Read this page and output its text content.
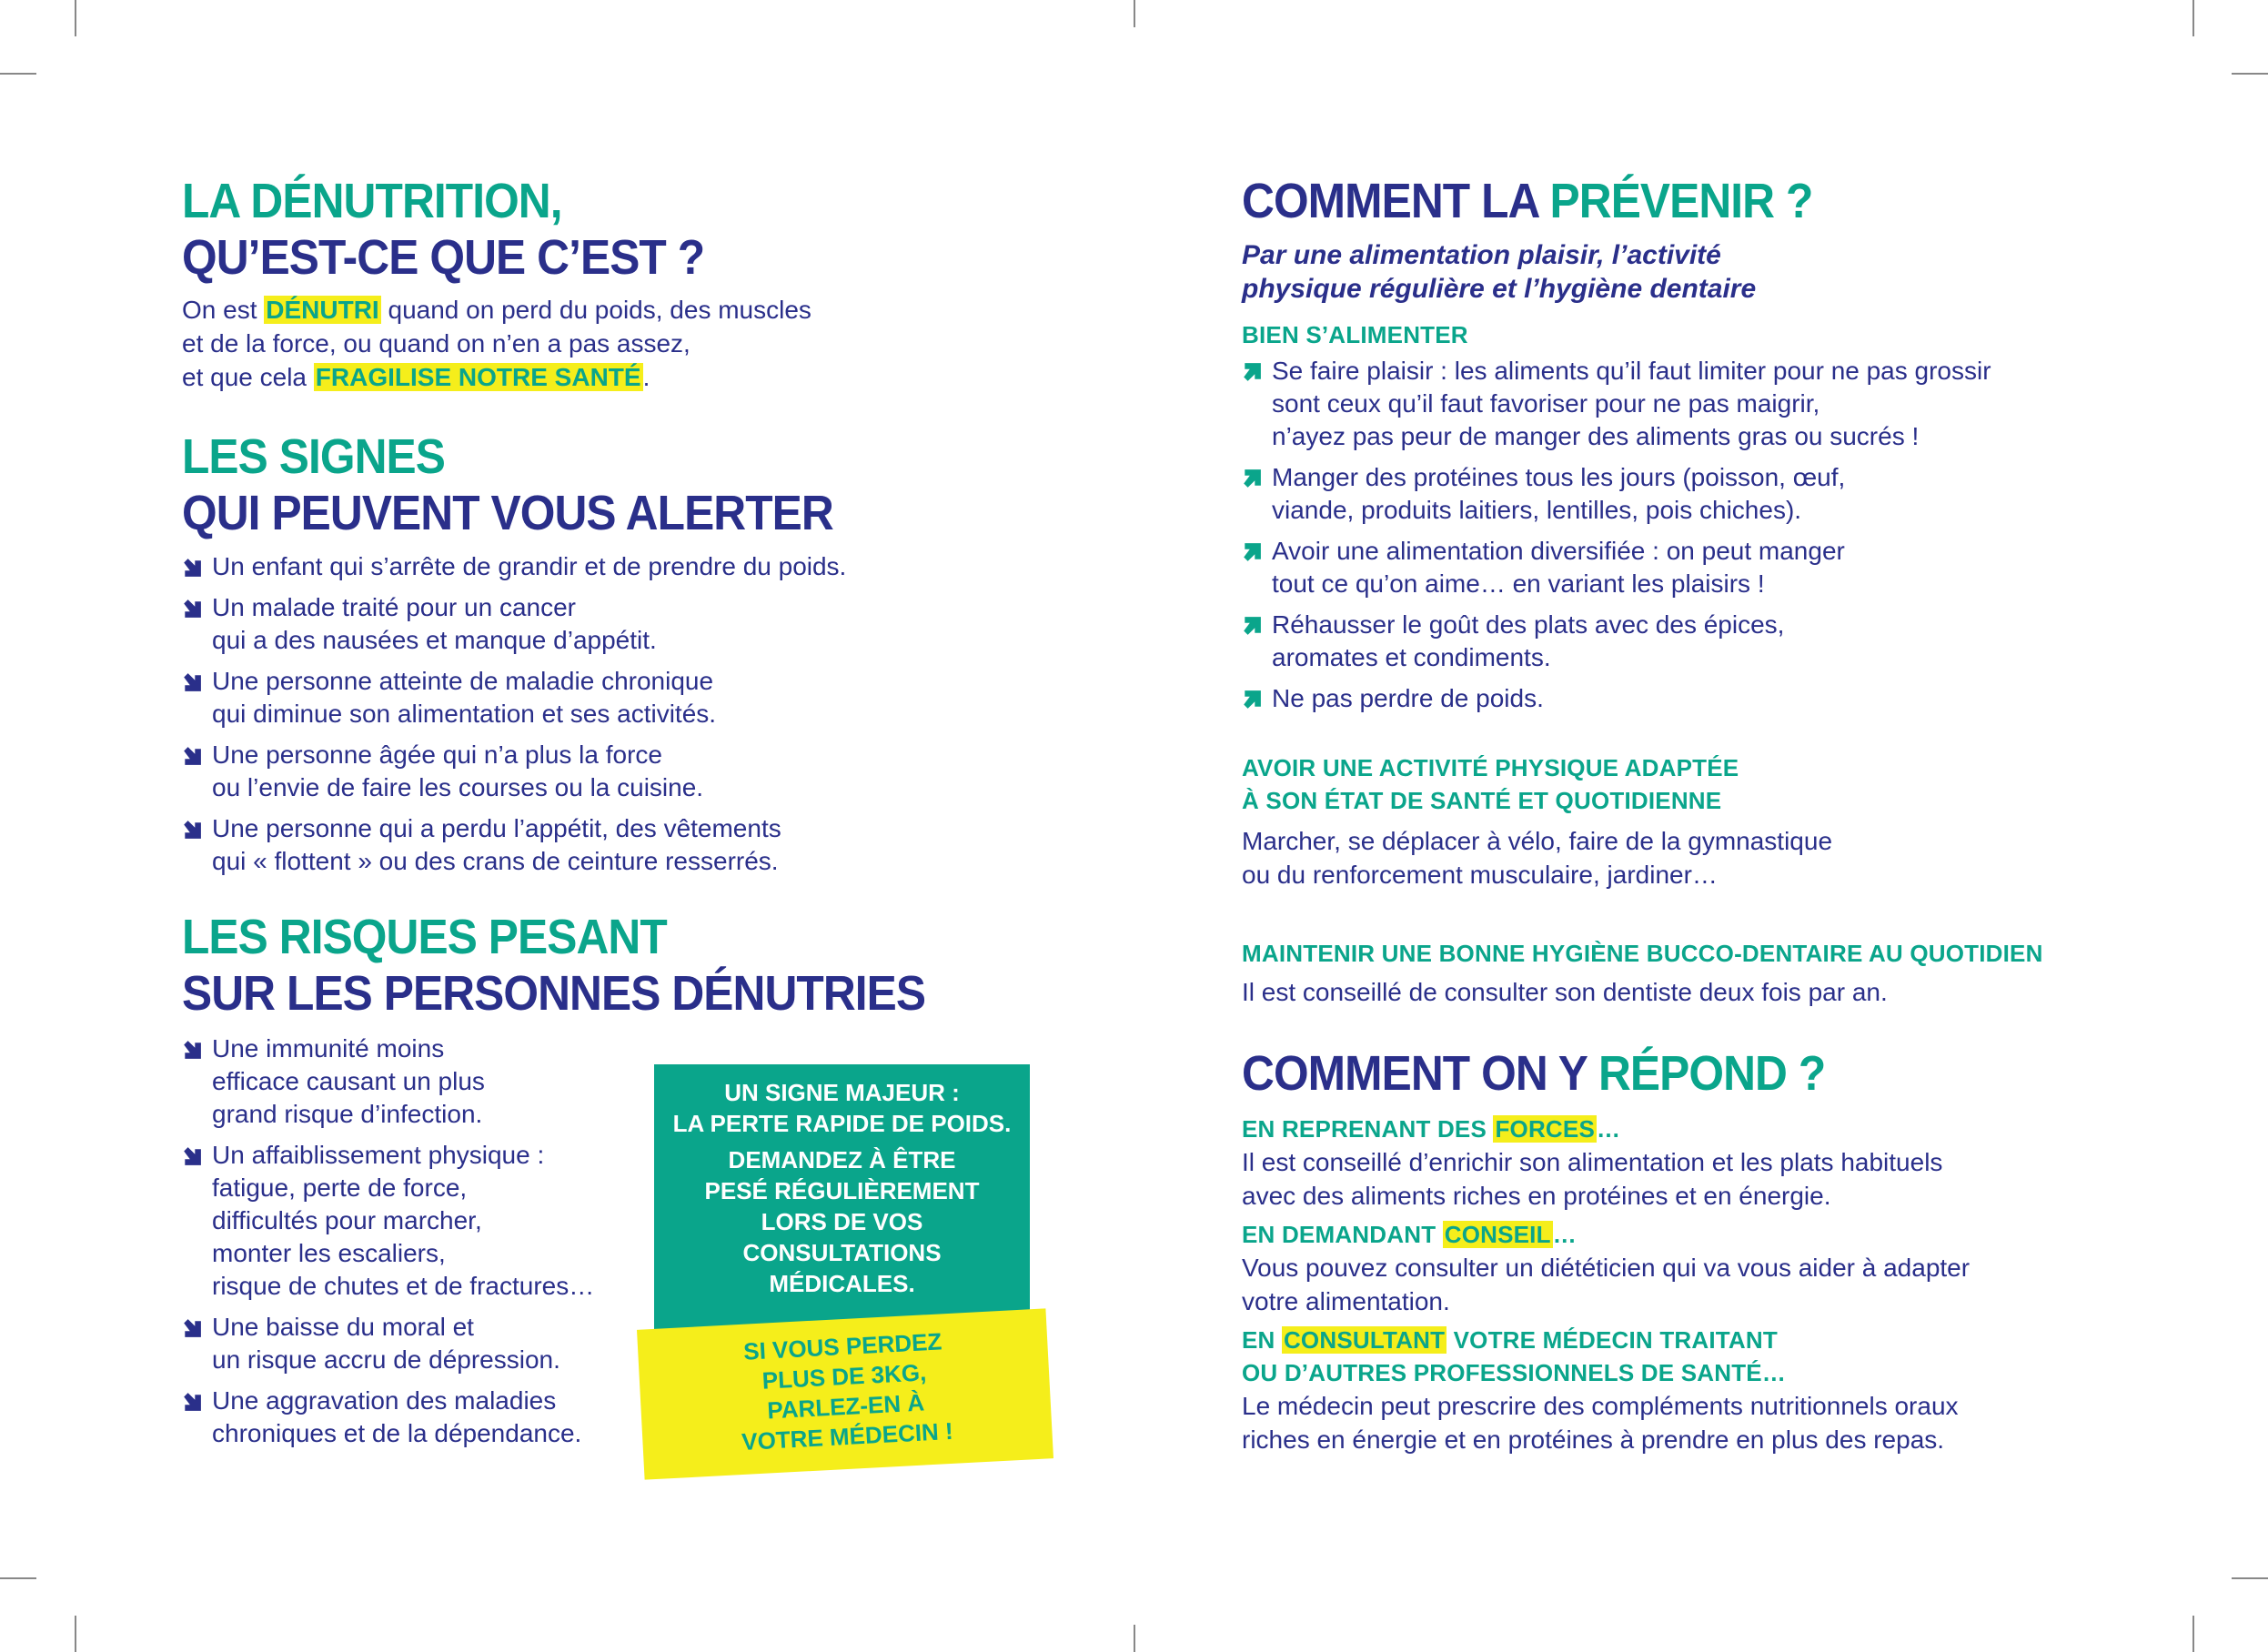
LA DÉNUTRITION,
QU’EST-CE QUE C’EST ?

On est DÉNUTRI quand on perd du poids, des muscles
et de la force, ou quand on n’en a pas assez,
et que cela FRAGILISE NOTRE SANTÉ.

LES SIGNES
QUI PEUVENT VOUS ALERTER
Un enfant qui s’arrête de grandir et de prendre du poids.
Un malade traité pour un cancer
qui a des nausées et manque d’appétit.
Une personne atteinte de maladie chronique
qui diminue son alimentation et ses activités.
Une personne âgée qui n’a plus la force
ou l’envie de faire les courses ou la cuisine.
Une personne qui a perdu l’appétit, des vêtements
qui « flottent » ou des crans de ceinture resserrés.
LES RISQUES PESANT
SUR LES PERSONNES DÉNUTRIES
Une immunité moins
efficace causant un plus
grand risque d’infection.
Un affaiblissement physique :
fatigue, perte de force,
difficultés pour marcher,
monter les escaliers,
risque de chutes et de fractures…
Une baisse du moral et
un risque accru de dépression.
Une aggravation des maladies
chroniques et de la dépendance.
UN SIGNE MAJEUR :
LA PERTE RAPIDE DE POIDS.
DEMANDEZ À ÊTRE
PESÉ RÉGULIÈREMENT
LORS DE VOS
CONSULTATIONS
MÉDICALES.
SI VOUS PERDEZ
PLUS DE 3KG,
PARLEZ-EN À
VOTRE MÉDECIN !
COMMENT LA PRÉVENIR ?

Par une alimentation plaisir, l’activité
physique régulière et l’hygiène dentaire

BIEN S’ALIMENTER

Se faire plaisir : les aliments qu’il faut limiter pour ne pas grossir
sont ceux qu’il faut favoriser pour ne pas maigrir,
n’ayez pas peur de manger des aliments gras ou sucrés !
Manger des protéines tous les jours (poisson, œuf,
viande, produits laitiers, lentilles, pois chiches).
Avoir une alimentation diversifiée : on peut manger
tout ce qu’on aime… en variant les plaisirs !
Réhausser le goût des plats avec des épices,
aromates et condiments.
Ne pas perdre de poids.

AVOIR UNE ACTIVITÉ PHYSIQUE ADAPTÉE
À SON ÉTAT DE SANTÉ ET QUOTIDIENNE

Marcher, se déplacer à vélo, faire de la gymnastique
ou du renforcement musculaire, jardiner…

MAINTENIR UNE BONNE HYGIÈNE BUCCO-DENTAIRE AU QUOTIDIEN

Il est conseillé de consulter son dentiste deux fois par an.

COMMENT ON Y RÉPOND ?

EN REPRENANT DES FORCES…

Il est conseillé d’enrichir son alimentation et les plats habituels
avec des aliments riches en protéines et en énergie.

EN DEMANDANT CONSEIL…

Vous pouvez consulter un diététicien qui va vous aider à adapter
votre alimentation.

EN CONSULTANT VOTRE MÉDECIN TRAITANT
OU D’AUTRES PROFESSIONNELS DE SANTÉ…

Le médecin peut prescrire des compléments nutritionnels oraux
riches en énergie et en protéines à prendre en plus des repas.
